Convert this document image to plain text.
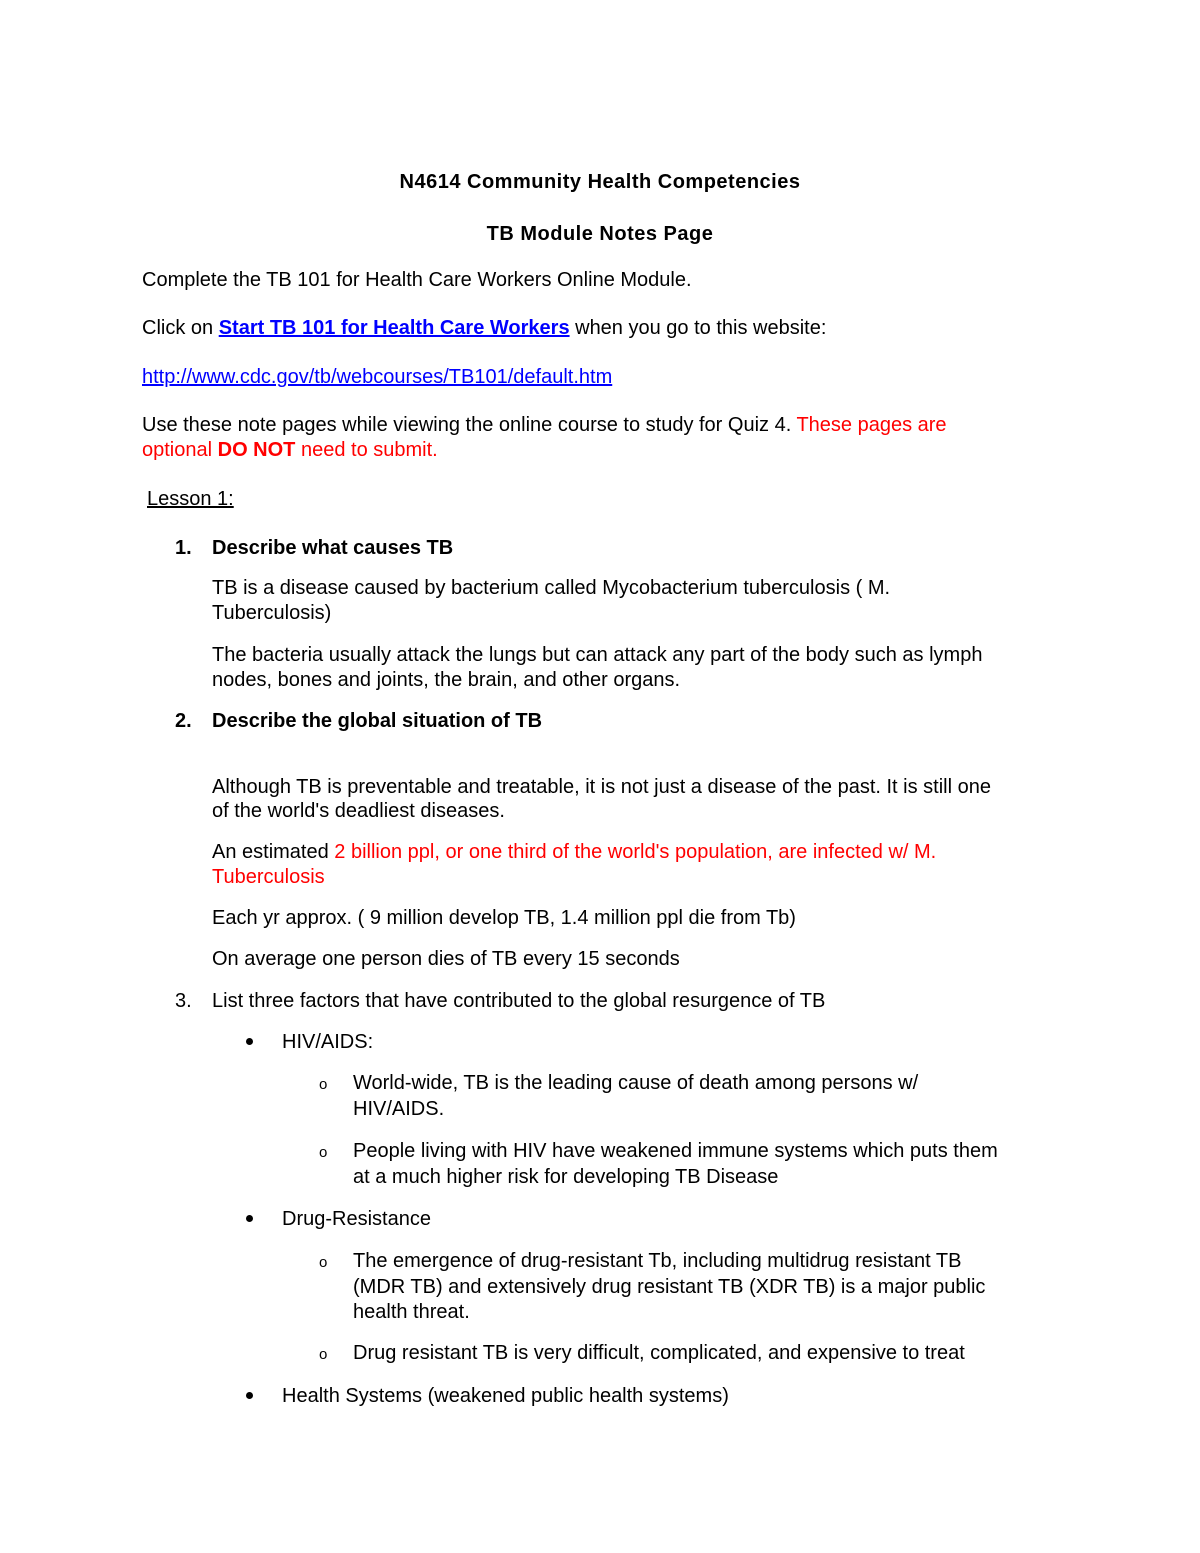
N4614 Community Health Competencies
TB Module Notes Page
Complete the TB 101 for Health Care Workers Online Module.
Click on Start TB 101 for Health Care Workers when you go to this website:
http://www.cdc.gov/tb/webcourses/TB101/default.htm
Use these note pages while viewing the online course to study for Quiz 4. These pages are
optional DO NOT need to submit.
Lesson 1:
1. Describe what causes TB
TB is a disease caused by bacterium called Mycobacterium tuberculosis ( M.
Tuberculosis)
The bacteria usually attack the lungs but can attack any part of the body such as lymph
nodes, bones and joints, the brain, and other organs.
2. Describe the global situation of TB
Although TB is preventable and treatable, it is not just a disease of the past. It is still one
of the world's deadliest diseases.
An estimated 2 billion ppl, or one third of the world's population, are infected w/ M.
Tuberculosis
Each yr approx. ( 9 million develop TB, 1.4 million ppl die from Tb)
On average one person dies of TB every 15 seconds
3. List three factors that have contributed to the global resurgence of TB
HIV/AIDS:
o World-wide, TB is the leading cause of death among persons w/
HIV/AIDS.
o People living with HIV have weakened immune systems which puts them
at a much higher risk for developing TB Disease
Drug-Resistance
o The emergence of drug-resistant Tb, including multidrug resistant TB
(MDR TB) and extensively drug resistant TB (XDR TB) is a major public
health threat.
o Drug resistant TB is very difficult, complicated, and expensive to treat
Health Systems (weakened public health systems)
